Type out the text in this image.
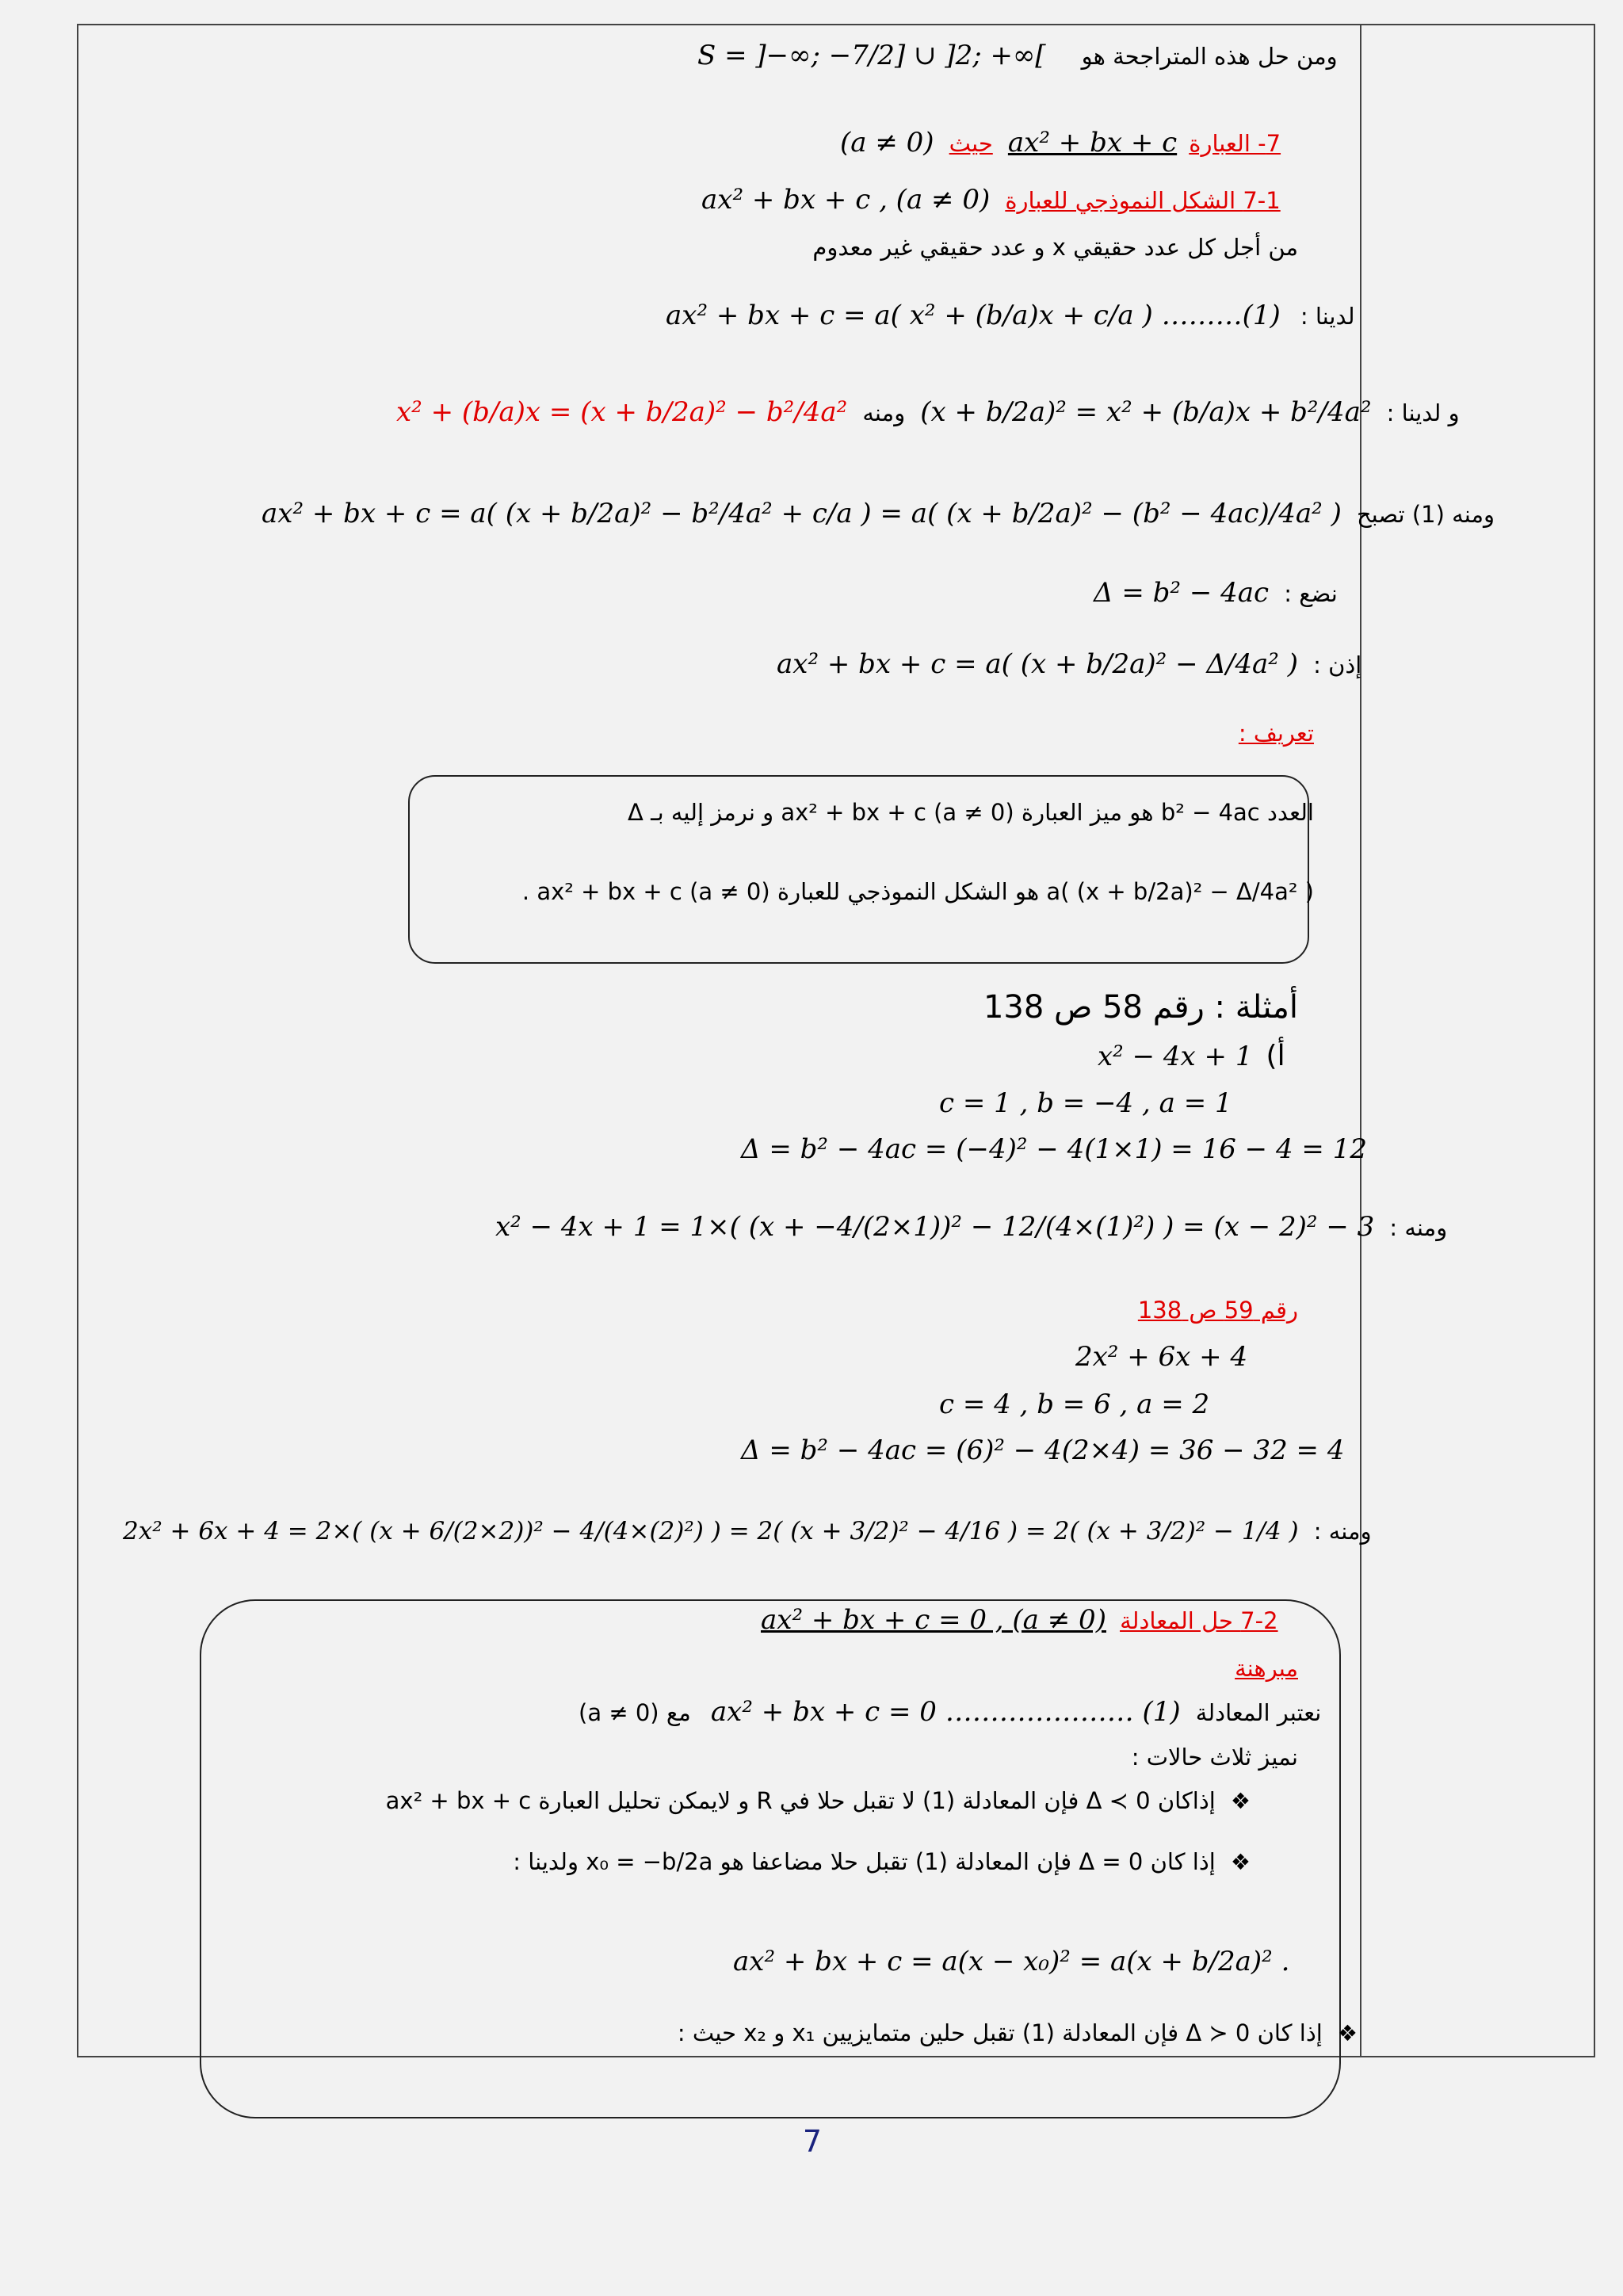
S = ]−∞; −7/2] ∪ ]2; +∞[ ومن حل هذه المتراجحة هو
(a ≠ 0) حيث ax² + bx + c 7- العبارة
ax² + bx + c , (a ≠ 0) 7-1 الشكل النموذجي للعبارة
من أجل كل عدد حقيقي x و عدد حقيقي غير معدوم
ax² + bx + c = a( x² + (b/a)x + c/a ) ………(1) لدينا :
x² + (b/a)x = (x + b/2a)² − b²/4a² ومنه (x + b/2a)² = x² + (b/a)x + b²/4a² و لدينا :
ax² + bx + c = a( (x + b/2a)² − b²/4a² + c/a ) = a( (x + b/2a)² − (b² − 4ac)/4a² ) ومنه (1) تصبح
Δ = b² − 4ac نضع :
ax² + bx + c = a( (x + b/2a)² − Δ/4a² ) إذن :
تعريف :
العدد b² − 4ac هو ميز العبارة ax² + bx + c (a ≠ 0) و نرمز إليه بـ Δ
a( (x + b/2a)² − Δ/4a² ) هو الشكل النموذجي للعبارة ax² + bx + c (a ≠ 0) .
أمثلة : رقم 58 ص 138
x² − 4x + 1 أ)
c = 1 , b = −4 , a = 1
Δ = b² − 4ac = (−4)² − 4(1×1) = 16 − 4 = 12
x² − 4x + 1 = 1×( (x + −4/(2×1))² − 12/(4×(1)²) ) = (x − 2)² − 3 ومنه :
رقم 59 ص 138
2x² + 6x + 4
c = 4 , b = 6 , a = 2
Δ = b² − 4ac = (6)² − 4(2×4) = 36 − 32 = 4
2x² + 6x + 4 = 2×( (x + 6/(2×2))² − 4/(4×(2)²) ) = 2( (x + 3/2)² − 4/16 ) = 2( (x + 3/2)² − 1/4 ) ومنه :
ax² + bx + c = 0 , (a ≠ 0) 7-2 حل المعادلة
مبرهنة
مع (a ≠ 0) ax² + bx + c = 0 ………………… (1) نعتبر المعادلة
نميز ثلاث حالات :
إذاكان Δ ≺ 0 فإن المعادلة (1) لا تقبل حلا في R و لايمكن تحليل العبارة ax² + bx + c ❖
إذا كان Δ = 0 فإن المعادلة (1) تقبل حلا مضاعفا هو x₀ = −b/2a ولدينا : ❖
ax² + bx + c = a(x − x₀)² = a(x + b/2a)² .
إذا كان Δ ≻ 0 فإن المعادلة (1) تقبل حلين متمايزيين x₁ و x₂ حيث : ❖
7
